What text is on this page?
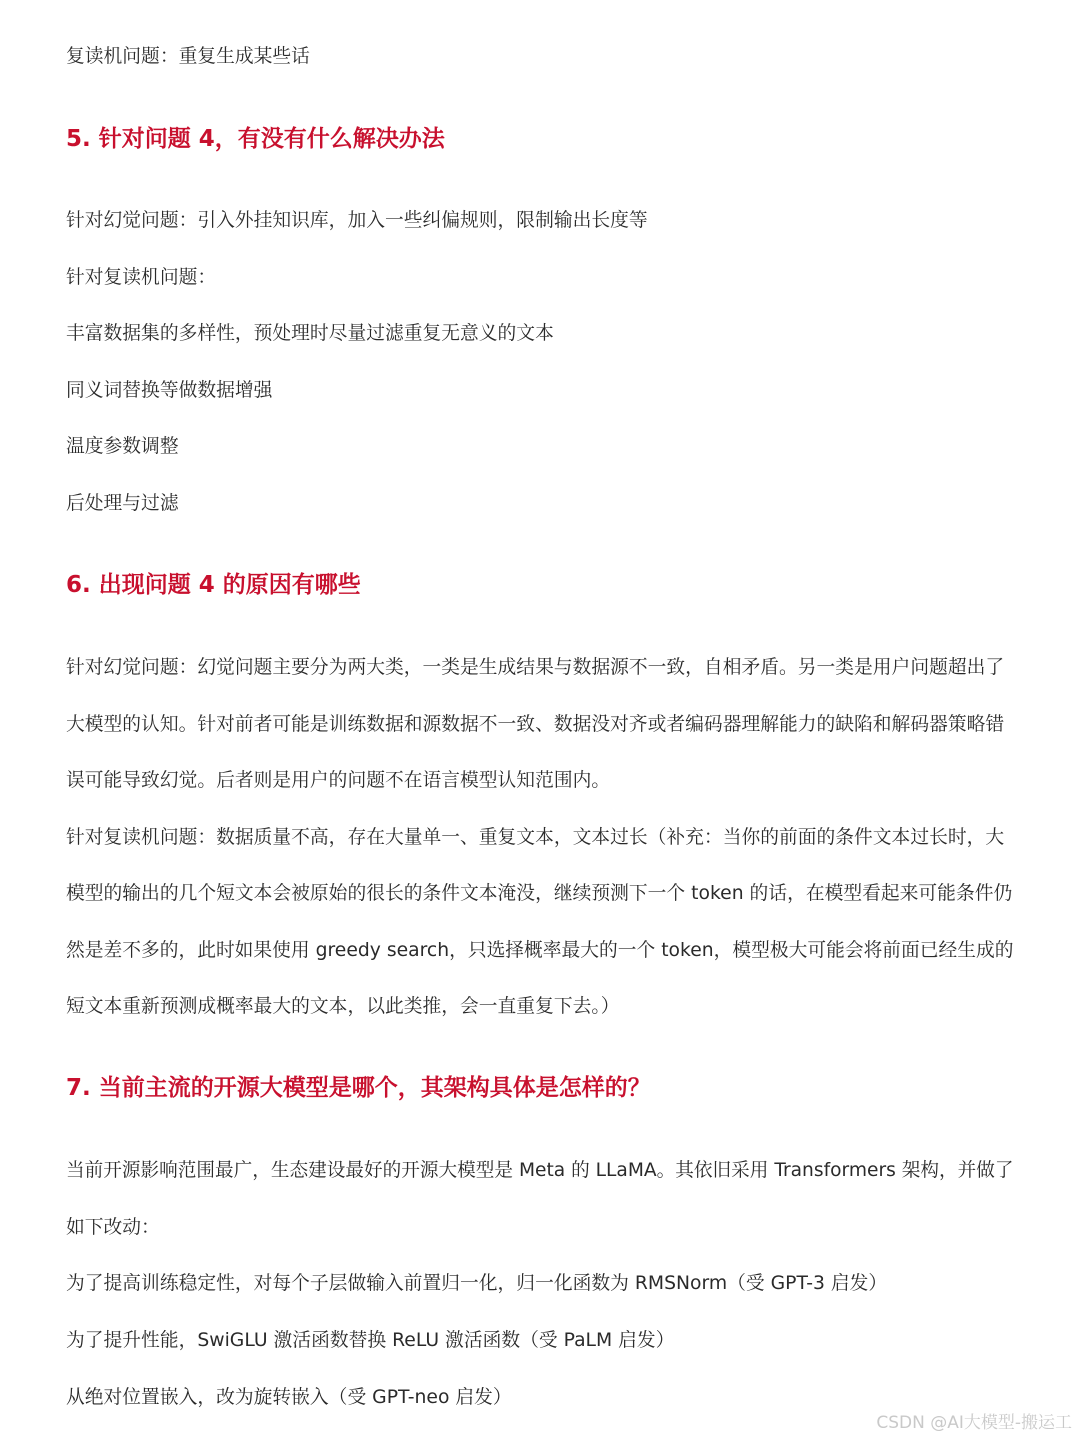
复读机问题：重复生成某些话
5. 针对问题 4，有没有什么解决办法
针对幻觉问题：引入外挂知识库，加入一些纠偏规则，限制输出长度等
针对复读机问题：
丰富数据集的多样性，预处理时尽量过滤重复无意义的文本
同义词替换等做数据增强
温度参数调整
后处理与过滤
6. 出现问题 4 的原因有哪些
针对幻觉问题：幻觉问题主要分为两大类，一类是生成结果与数据源不一致，自相矛盾。另一类是用户问题超出了
大模型的认知。针对前者可能是训练数据和源数据不一致、数据没对齐或者编码器理解能力的缺陷和解码器策略错
误可能导致幻觉。后者则是用户的问题不在语言模型认知范围内。
针对复读机问题：数据质量不高，存在大量单一、重复文本，文本过长（补充：当你的前面的条件文本过长时，大
模型的输出的几个短文本会被原始的很长的条件文本淹没，继续预测下一个 token 的话，在模型看起来可能条件仍
然是差不多的，此时如果使用 greedy search，只选择概率最大的一个 token，模型极大可能会将前面已经生成的
短文本重新预测成概率最大的文本，以此类推，会一直重复下去。）
7. 当前主流的开源大模型是哪个，其架构具体是怎样的？
当前开源影响范围最广，生态建设最好的开源大模型是 Meta 的 LLaMA。其依旧采用 Transformers 架构，并做了
如下改动：
为了提高训练稳定性，对每个子层做输入前置归一化，归一化函数为 RMSNorm（受 GPT-3 启发）
为了提升性能，SwiGLU 激活函数替换 ReLU 激活函数（受 PaLM 启发）
从绝对位置嵌入，改为旋转嵌入（受 GPT-neo 启发）
CSDN @AI大模型-搬运工
